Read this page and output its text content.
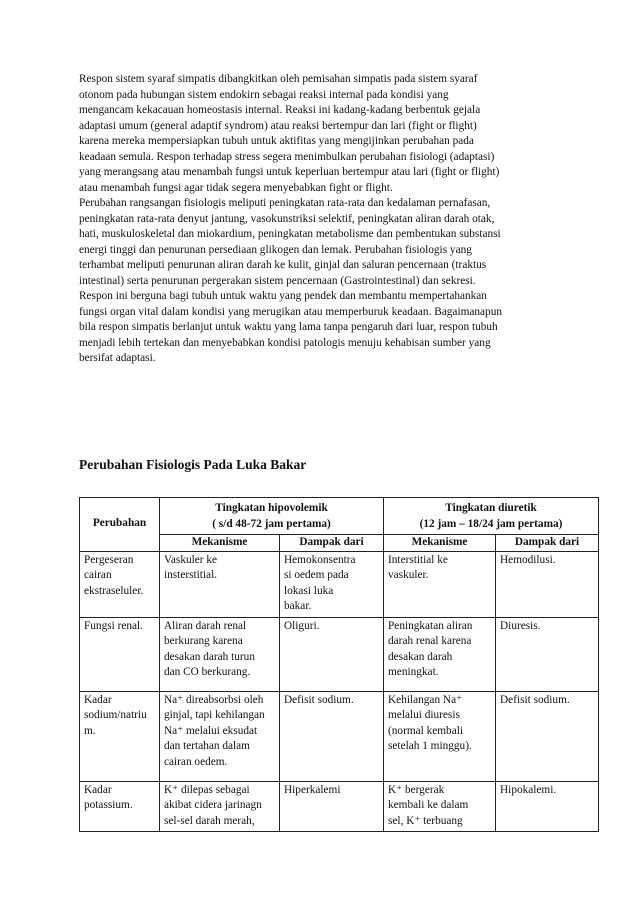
Respon sistem syaraf simpatis dibangkitkan oleh pemisahan simpatis pada sistem syaraf
otonom pada hubungan sistem endokirn sebagai reaksi internal pada kondisi yang
mengancam kekacauan homeostasis internal. Reaksi ini kadang-kadang berbentuk gejala
adaptasi umum (general adaptif syndrom) atau reaksi bertempur dan lari (fight or flight)
karena mereka mempersiapkan tubuh untuk aktifitas yang mengijinkan perubahan pada
keadaan semula. Respon terhadap stress segera menimbulkan perubahan fisiologi (adaptasi)
yang merangsang atau menambah fungsi untuk keperluan bertempur atau lari (fight or flight)
atau menambah fungsi agar tidak segera menyebabkan fight or flight.
Perubahan rangsangan fisiologis meliputi peningkatan rata-rata dan kedalaman pernafasan,
peningkatan rata-rata denyut jantung, vasokunstriksi selektif, peningkatan aliran darah otak,
hati, muskuloskeletal dan miokardium, peningkatan metabolisme dan pembentukan substansi
energi tinggi dan penurunan persediaan glikogen dan lemak. Perubahan fisiologis yang
terhambat meliputi penurunan aliran darah ke kulit, ginjal dan saluran pencernaan (traktus
intestinal) serta penurunan pergerakan sistem pencernaan (Gastrointestinal) dan sekresi.
Respon ini berguna bagi tubuh untuk waktu yang pendek dan membantu mempertahankan
fungsi organ vital dalam kondisi yang merugikan atau memperburuk keadaan. Bagaimanapun
bila respon simpatis berlanjut untuk waktu yang lama tanpa pengaruh dari luar, respon tubuh
menjadi lebih tertekan dan menyebabkan kondisi patologis menuju kehabisan sumber yang
bersifat adaptasi.
Perubahan Fisiologis Pada Luka Bakar
Perubahan	Tingkatan hipovolemik
( s/d 48-72 jam pertama)		Tingkatan diuretik
(12 jam – 18/24 jam pertama)	

	Mekanisme	Dampak dari	Mekanisme	Dampak dari

Pergeseran
cairan
ekstraseluler.	Vaskuler ke
insterstitial.	Hemokonsentra
si oedem pada
lokasi luka
bakar.	Interstitial ke
vaskuler.	Hemodilusi.

Fungsi renal.	Aliran darah renal
berkurang karena
desakan darah turun
dan CO berkurang.	Oliguri.	Peningkatan aliran
darah renal karena
desakan darah
meningkat.	Diuresis.

Kadar
sodium/natriu
m.	Na⁺ direabsorbsi oleh
ginjal, tapi kehilangan
Na⁺ melalui eksudat
dan tertahan dalam
cairan oedem.	Defisit sodium.	Kehilangan Na⁺
melalui diuresis
(normal kembali
setelah 1 minggu).	Defisit sodium.

Kadar
potassium.	K⁺ dilepas sebagai
akibat cidera jarinagn
sel-sel darah merah,	Hiperkalemi	K⁺ bergerak
kembali ke dalam
sel, K⁺ terbuang	Hipokalemi.
